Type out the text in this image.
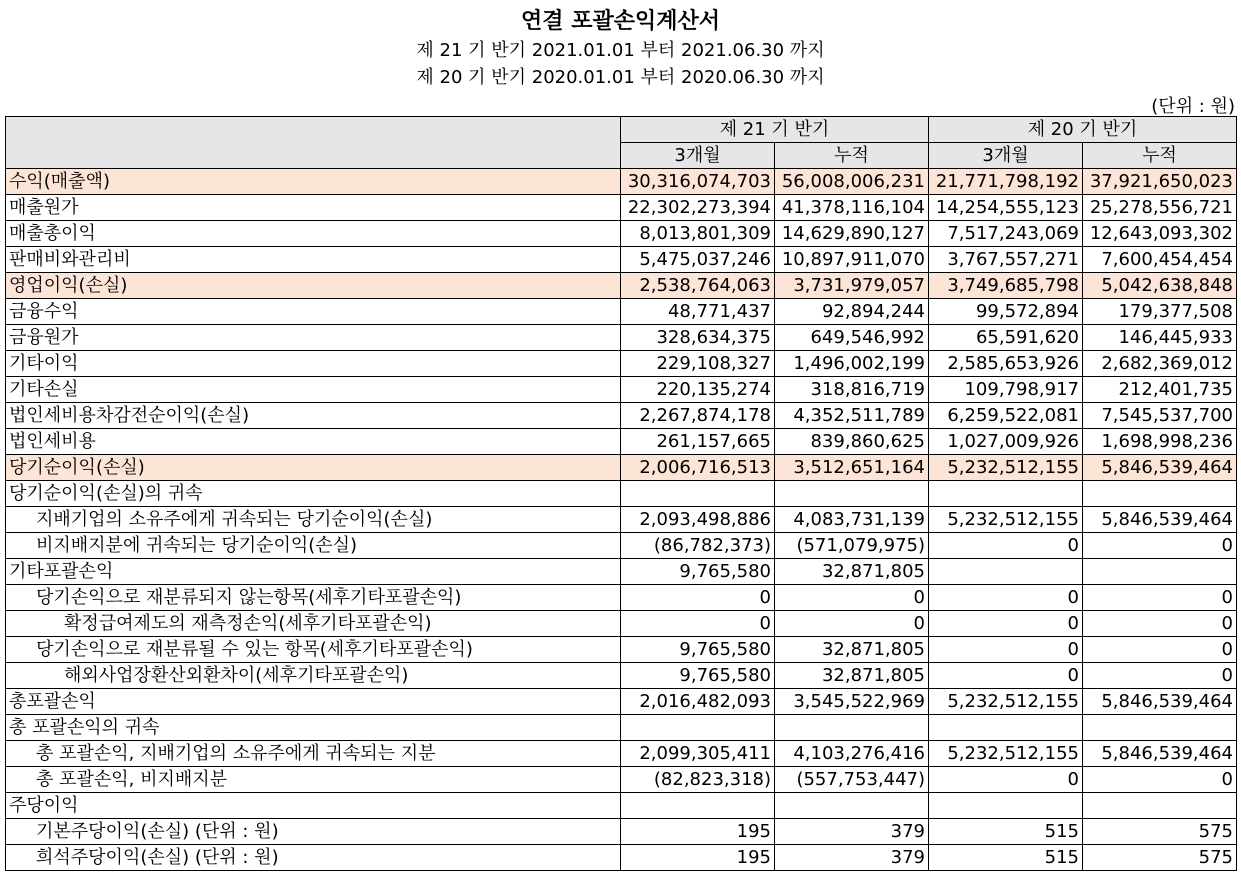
연결 포괄손익계산서
제 21 기 반기 2021.01.01 부터 2021.06.30 까지
제 20 기 반기 2020.01.01 부터 2020.06.30 까지
(단위 : 원)
	제 21 기 반기		제 20 기 반기	
	3개월	누적	3개월	누적
수익(매출액)	30,316,074,703	56,008,006,231	21,771,798,192	37,921,650,023
매출원가	22,302,273,394	41,378,116,104	14,254,555,123	25,278,556,721
매출총이익	8,013,801,309	14,629,890,127	7,517,243,069	12,643,093,302
판매비와관리비	5,475,037,246	10,897,911,070	3,767,557,271	7,600,454,454
영업이익(손실)	2,538,764,063	3,731,979,057	3,749,685,798	5,042,638,848
금융수익	48,771,437	92,894,244	99,572,894	179,377,508
금융원가	328,634,375	649,546,992	65,591,620	146,445,933
기타이익	229,108,327	1,496,002,199	2,585,653,926	2,682,369,012
기타손실	220,135,274	318,816,719	109,798,917	212,401,735
법인세비용차감전순이익(손실)	2,267,874,178	4,352,511,789	6,259,522,081	7,545,537,700
법인세비용	261,157,665	839,860,625	1,027,009,926	1,698,998,236
당기순이익(손실)	2,006,716,513	3,512,651,164	5,232,512,155	5,846,539,464
당기순이익(손실)의 귀속				
지배기업의 소유주에게 귀속되는 당기순이익(손실)	2,093,498,886	4,083,731,139	5,232,512,155	5,846,539,464
비지배지분에 귀속되는 당기순이익(손실)	(86,782,373)	(571,079,975)	0	0
기타포괄손익	9,765,580	32,871,805		
당기손익으로 재분류되지 않는항목(세후기타포괄손익)	0	0	0	0
확정급여제도의 재측정손익(세후기타포괄손익)	0	0	0	0
당기손익으로 재분류될 수 있는 항목(세후기타포괄손익)	9,765,580	32,871,805	0	0
해외사업장환산외환차이(세후기타포괄손익)	9,765,580	32,871,805	0	0
총포괄손익	2,016,482,093	3,545,522,969	5,232,512,155	5,846,539,464
총 포괄손익의 귀속				
총 포괄손익, 지배기업의 소유주에게 귀속되는 지분	2,099,305,411	4,103,276,416	5,232,512,155	5,846,539,464
총 포괄손익, 비지배지분	(82,823,318)	(557,753,447)	0	0
주당이익				
기본주당이익(손실) (단위 : 원)	195	379	515	575
희석주당이익(손실) (단위 : 원)	195	379	515	575
